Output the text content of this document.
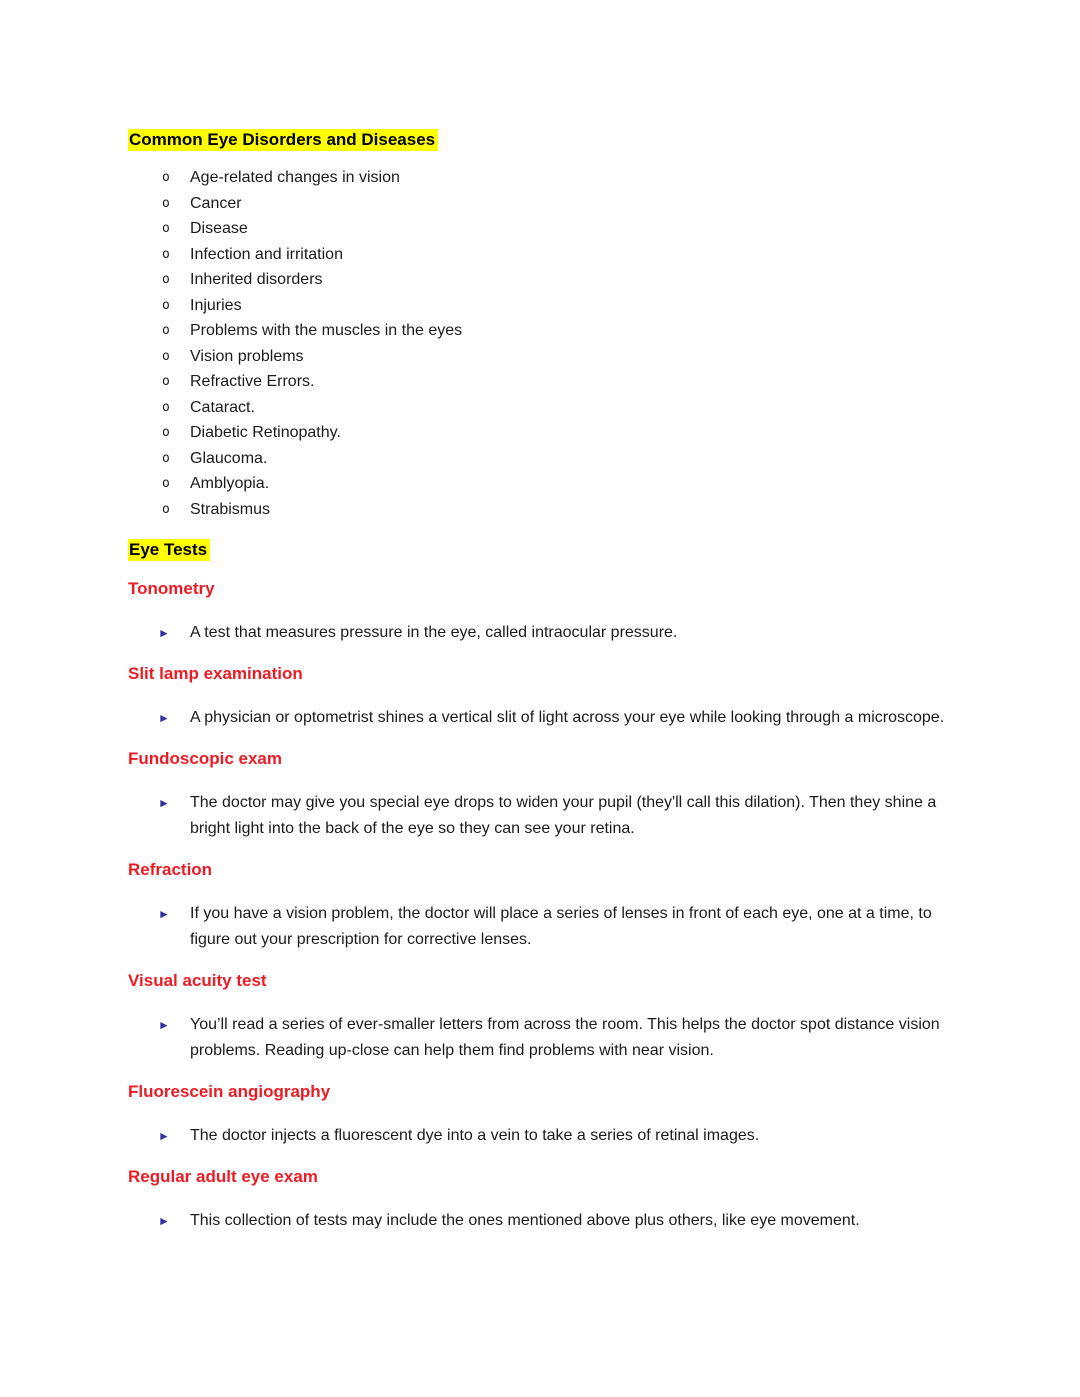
Common Eye Disorders and Diseases
o Age-related changes in vision
o Cancer
o Disease
o Infection and irritation
o Inherited disorders
o Injuries
o Problems with the muscles in the eyes
o Vision problems
o Refractive Errors.
o Cataract.
o Diabetic Retinopathy.
o Glaucoma.
o Amblyopia.
o Strabismus
Eye Tests
Tonometry

► A test that measures pressure in the eye, called intraocular pressure.

Slit lamp examination

► A physician or optometrist shines a vertical slit of light across your eye while looking through a microscope.

Fundoscopic exam

► The doctor may give you special eye drops to widen your pupil (they'll call this dilation). Then they shine a bright light into the back of the eye so they can see your retina.

Refraction

► If you have a vision problem, the doctor will place a series of lenses in front of each eye, one at a time, to figure out your prescription for corrective lenses.

Visual acuity test

► You’ll read a series of ever-smaller letters from across the room. This helps the doctor spot distance vision problems. Reading up-close can help them find problems with near vision.

Fluorescein angiography

► The doctor injects a fluorescent dye into a vein to take a series of retinal images.

Regular adult eye exam

► This collection of tests may include the ones mentioned above plus others, like eye movement.
